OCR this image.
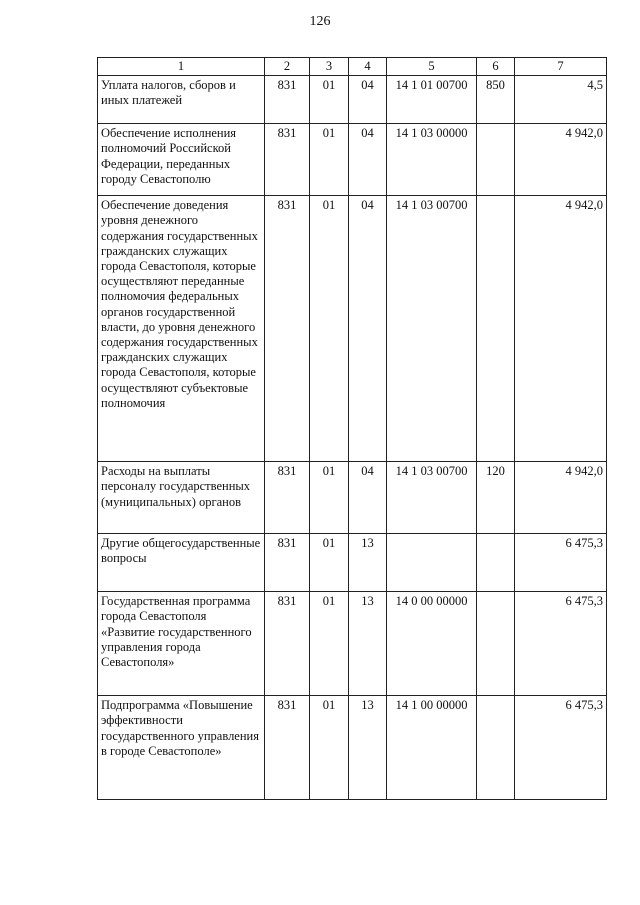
126
1	2	3	4	5	6	7
Уплата налогов, сборов и иных платежей	831	01	04	14 1 01 00700	850	4,5
Обеспечение исполнения полномочий Российской Федерации, переданных городу Севастополю	831	01	04	14 1 03 00000		4 942,0
Обеспечение доведения уровня денежного содержания государственных гражданских служащих города Севастополя, которые осуществляют переданные полномочия федеральных органов государственной власти, до уровня денежного содержания государственных гражданских служащих города Севастополя, которые осуществляют субъектовые полномочия	831	01	04	14 1 03 00700		4 942,0
Расходы на выплаты персоналу государственных (муниципальных) органов	831	01	04	14 1 03 00700	120	4 942,0
Другие общегосударственные вопросы	831	01	13			6 475,3
Государственная программа города Севастополя «Развитие государственного управления города Севастополя»	831	01	13	14 0 00 00000		6 475,3
Подпрограмма «Повышение эффективности государственного управления в городе Севастополе»	831	01	13	14 1 00 00000		6 475,3
